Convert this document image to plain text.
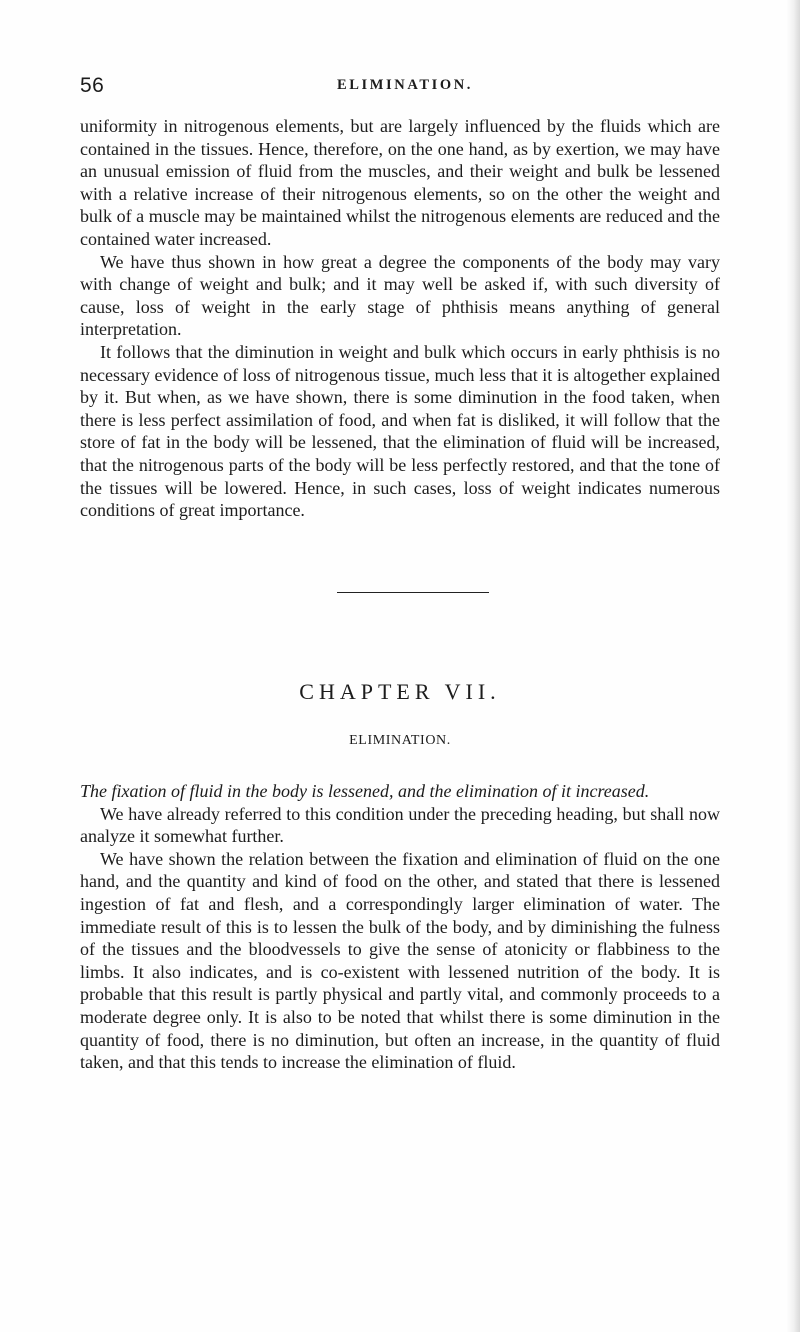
56	ELIMINATION.

uniformity in nitrogenous elements, but are largely influenced by the fluids which are contained in the tissues. Hence, therefore, on the one hand, as by exertion, we may have an unusual emission of fluid from the muscles, and their weight and bulk be lessened with a relative increase of their nitrogenous elements, so on the other the weight and bulk of a muscle may be maintained whilst the nitrogenous elements are reduced and the contained water increased.

We have thus shown in how great a degree the components of the body may vary with change of weight and bulk; and it may well be asked if, with such diversity of cause, loss of weight in the early stage of phthisis means anything of general interpretation.

It follows that the diminution in weight and bulk which occurs in early phthisis is no necessary evidence of loss of nitrogenous tissue, much less that it is altogether explained by it. But when, as we have shown, there is some diminution in the food taken, when there is less perfect assimilation of food, and when fat is disliked, it will follow that the store of fat in the body will be lessened, that the elimination of fluid will be increased, that the nitrogenous parts of the body will be less perfectly restored, and that the tone of the tissues will be lowered. Hence, in such cases, loss of weight indicates numerous conditions of great importance.

CHAPTER VII.
ELIMINATION.

The fixation of fluid in the body is lessened, and the elimination of it increased.

We have already referred to this condition under the preceding heading, but shall now analyze it somewhat further.

We have shown the relation between the fixation and elimination of fluid on the one hand, and the quantity and kind of food on the other, and stated that there is lessened ingestion of fat and flesh, and a correspondingly larger elimination of water. The immediate result of this is to lessen the bulk of the body, and by diminishing the fulness of the tissues and the bloodvessels to give the sense of atonicity or flabbiness to the limbs. It also indicates, and is co-existent with lessened nutrition of the body. It is probable that this result is partly physical and partly vital, and commonly proceeds to a moderate degree only. It is also to be noted that whilst there is some diminution in the quantity of food, there is no diminution, but often an increase, in the quantity of fluid taken, and that this tends to increase the elimination of fluid.
